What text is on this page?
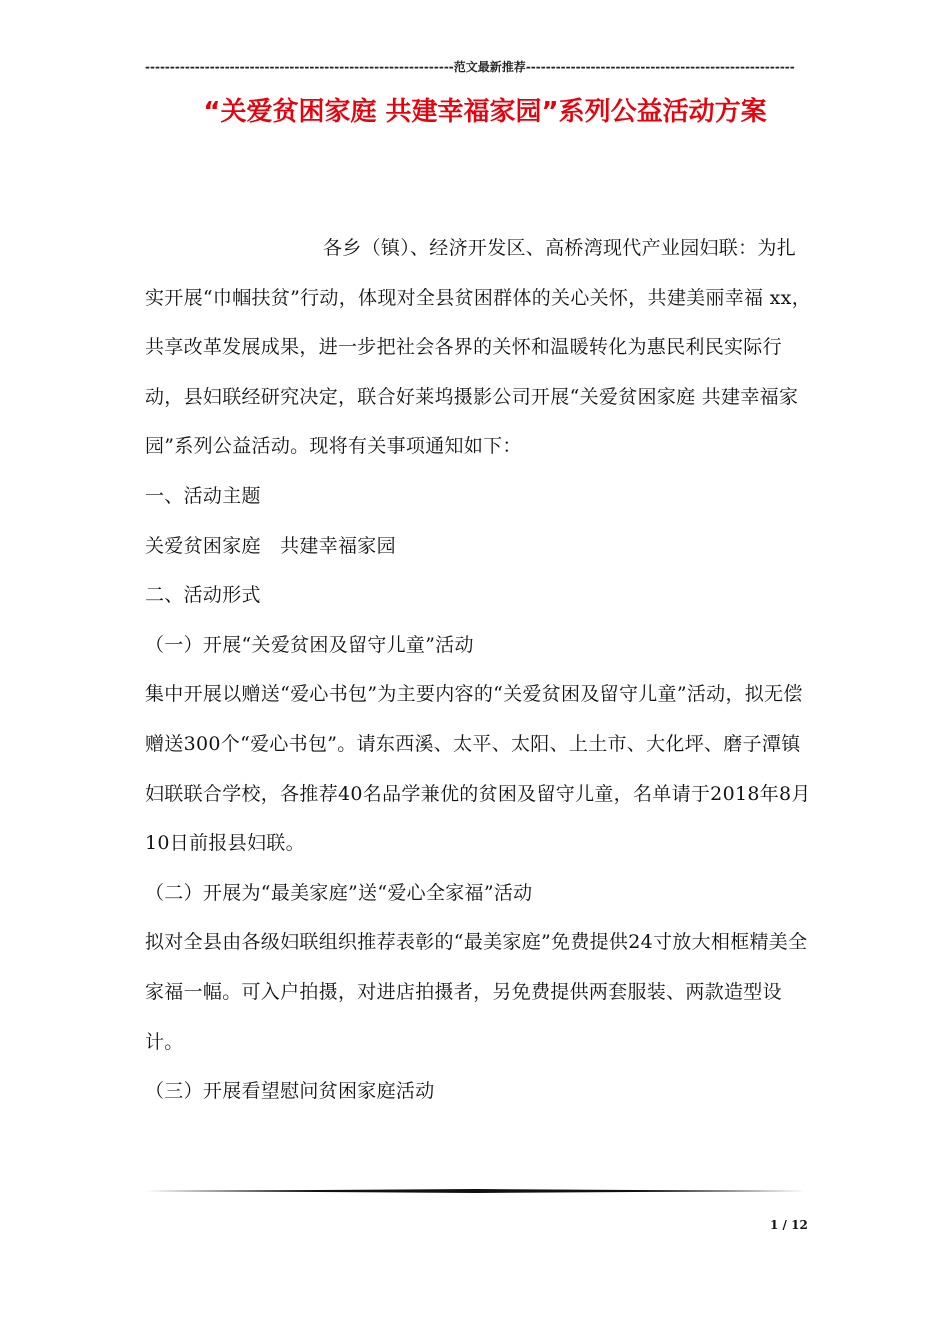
--------------------------------------------------------------范文最新推荐------------------------------------------------------
“关爱贫困家庭 共建幸福家园”系列公益活动方案

各乡（镇）、经济开发区、高桥湾现代产业园妇联：为扎实开展“巾帼扶贫”行动，体现对全县贫困群体的关心关怀，共建美丽幸福 xx，共享改革发展成果，进一步把社会各界的关怀和温暖转化为惠民利民实际行动，县妇联经研究决定，联合好莱坞摄影公司开展“关爱贫困家庭 共建幸福家园”系列公益活动。现将有关事项通知如下：

一、活动主题

关爱贫困家庭　共建幸福家园

二、活动形式

（一）开展“关爱贫困及留守儿童”活动

集中开展以赠送“爱心书包”为主要内容的“关爱贫困及留守儿童”活动，拟无偿赠送300个“爱心书包”。请东西溪、太平、太阳、上土市、大化坪、磨子潭镇妇联联合学校，各推荐40名品学兼优的贫困及留守儿童，名单请于2018年8月10日前报县妇联。

（二）开展为“最美家庭”送“爱心全家福”活动

拟对全县由各级妇联组织推荐表彰的“最美家庭”免费提供24寸放大相框精美全家福一幅。可入户拍摄，对进店拍摄者，另免费提供两套服装、两款造型设计。

（三）开展看望慰问贫困家庭活动

1 / 12
